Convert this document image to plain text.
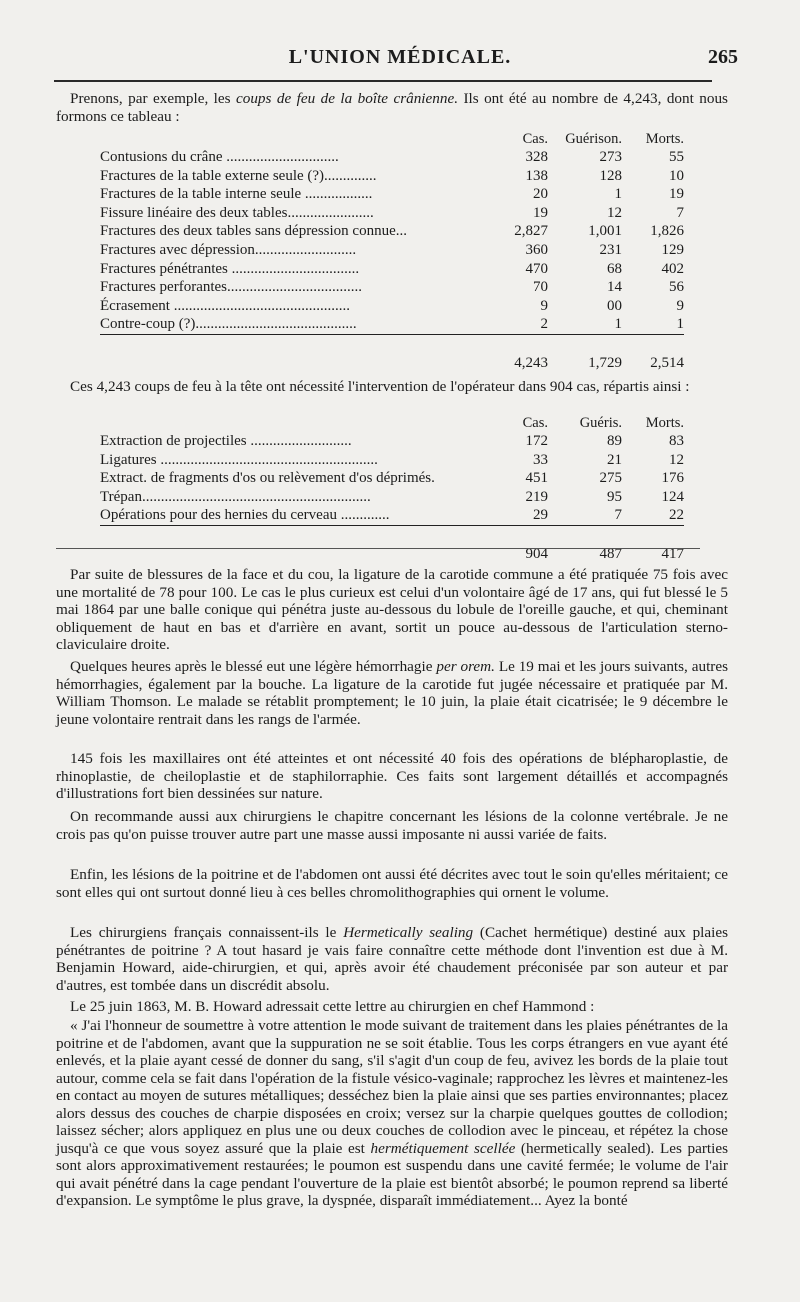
L'UNION MÉDICALE.	265
Prenons, par exemple, les coups de feu de la boîte crânienne. Ils ont été au nombre de 4,243, dont nous formons ce tableau :
	Cas.	Guérison.	Morts.
Contusions du crâne ..............................	328	273	55
Fractures de la table externe seule (?)..............	138	128	10
Fractures de la table interne seule ..................	20	1	19
Fissure linéaire des deux tables.......................	19	12	7
Fractures des deux tables sans dépression connue...	2,827	1,001	1,826
Fractures avec dépression...........................	360	231	129
Fractures pénétrantes ..................................	470	68	402
Fractures perforantes....................................	70	14	56
Écrasement ...............................................	9	00	9
Contre-coup (?)...........................................	2	1	1

	4,243	1,729	2,514
Ces 4,243 coups de feu à la tête ont nécessité l'intervention de l'opérateur dans 904 cas, répartis ainsi :
	Cas.	Guéris.	Morts.
Extraction de projectiles ...........................	172	89	83
Ligatures ..........................................................	33	21	12
Extract. de fragments d'os ou relèvement d'os déprimés.	451	275	176
Trépan.............................................................	219	95	124
Opérations pour des hernies du cerveau .............	29	7	22

	904	487	417
Par suite de blessures de la face et du cou, la ligature de la carotide commune a été pratiquée 75 fois avec une mortalité de 78 pour 100. Le cas le plus curieux est celui d'un volontaire âgé de 17 ans, qui fut blessé le 5 mai 1864 par une balle conique qui pénétra juste au-dessous du lobule de l'oreille gauche, et qui, cheminant obliquement de haut en bas et d'arrière en avant, sortit un pouce au-dessous de l'articulation sterno-claviculaire droite.
Quelques heures après le blessé eut une légère hémorrhagie per orem. Le 19 mai et les jours suivants, autres hémorrhagies, également par la bouche. La ligature de la carotide fut jugée nécessaire et pratiquée par M. William Thomson. Le malade se rétablit promptement; le 10 juin, la plaie était cicatrisée; le 9 décembre le jeune volontaire rentrait dans les rangs de l'armée.
145 fois les maxillaires ont été atteintes et ont nécessité 40 fois des opérations de blépharoplastie, de rhinoplastie, de cheiloplastie et de staphilorraphie. Ces faits sont largement détaillés et accompagnés d'illustrations fort bien dessinées sur nature.
On recommande aussi aux chirurgiens le chapitre concernant les lésions de la colonne vertébrale. Je ne crois pas qu'on puisse trouver autre part une masse aussi imposante ni aussi variée de faits.
Enfin, les lésions de la poitrine et de l'abdomen ont aussi été décrites avec tout le soin qu'elles méritaient; ce sont elles qui ont surtout donné lieu à ces belles chromolithographies qui ornent le volume.
Les chirurgiens français connaissent-ils le Hermetically sealing (Cachet hermétique) destiné aux plaies pénétrantes de poitrine ? A tout hasard je vais faire connaître cette méthode dont l'invention est due à M. Benjamin Howard, aide-chirurgien, et qui, après avoir été chaudement préconisée par son auteur et par d'autres, est tombée dans un discrédit absolu.
Le 25 juin 1863, M. B. Howard adressait cette lettre au chirurgien en chef Hammond :
« J'ai l'honneur de soumettre à votre attention le mode suivant de traitement dans les plaies pénétrantes de la poitrine et de l'abdomen, avant que la suppuration ne se soit établie. Tous les corps étrangers en vue ayant été enlevés, et la plaie ayant cessé de donner du sang, s'il s'agit d'un coup de feu, avivez les bords de la plaie tout autour, comme cela se fait dans l'opération de la fistule vésico-vaginale; rapprochez les lèvres et maintenez-les en contact au moyen de sutures métalliques; desséchez bien la plaie ainsi que ses parties environnantes; placez alors dessus des couches de charpie disposées en croix; versez sur la charpie quelques gouttes de collodion; laissez sécher; alors appliquez en plus une ou deux couches de collodion avec le pinceau, et répétez la chose jusqu'à ce que vous soyez assuré que la plaie est hermétiquement scellée (hermetically sealed). Les parties sont alors approximativement restaurées; le poumon est suspendu dans une cavité fermée; le volume de l'air qui avait pénétré dans la cage pendant l'ouverture de la plaie est bientôt absorbé; le poumon reprend sa liberté d'expansion. Le symptôme le plus grave, la dyspnée, disparaît immédiatement... Ayez la bonté
